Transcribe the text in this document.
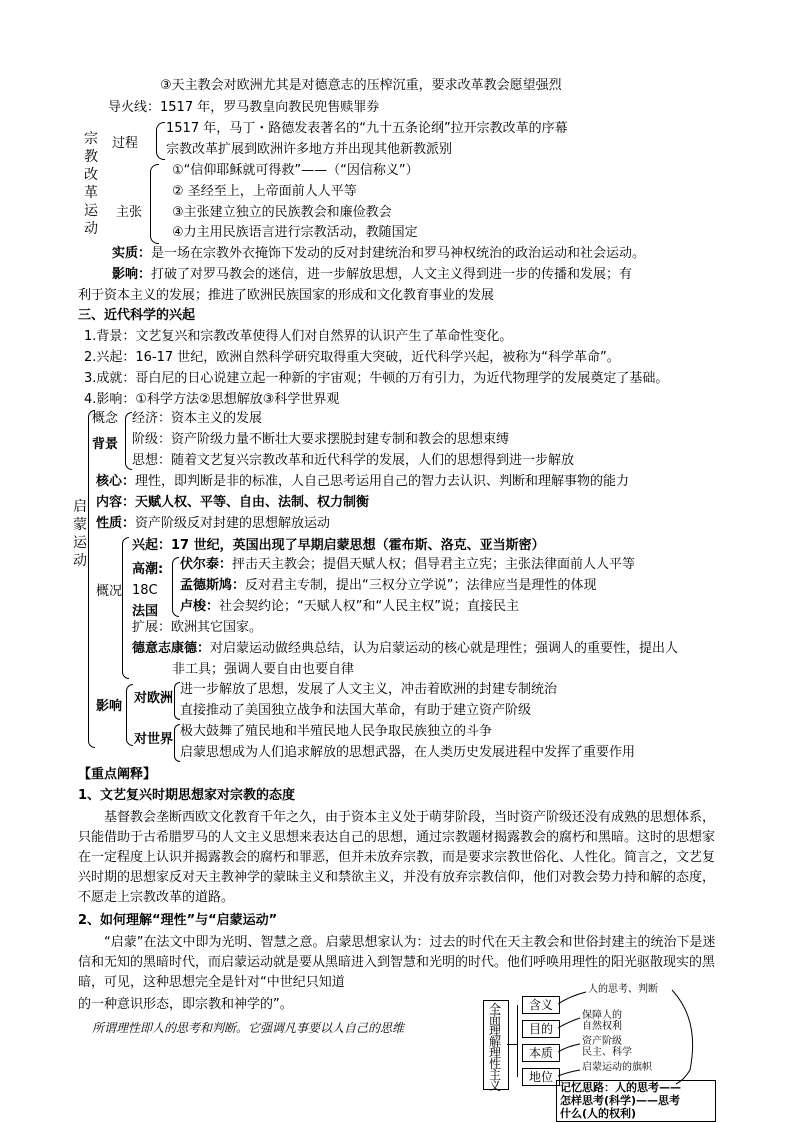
③天主教会对欧洲尤其是对德意志的压榨沉重，要求改革教会愿望强烈
导火线：1517 年，罗马教皇向教民兜售赎罪券
宗教改革运动
过程
1517 年，马丁・路德发表著名的“九十五条论纲”拉开宗教改革的序幕
宗教改革扩展到欧洲许多地方并出现其他新教派别
主张
①“信仰耶稣就可得救”——（“因信称义”）
② 圣经至上，上帝面前人人平等
③主张建立独立的民族教会和廉俭教会
④力主用民族语言进行宗教活动，教随国定
实质：是一场在宗教外衣掩饰下发动的反对封建统治和罗马神权统治的政治运动和社会运动。
影响：打破了对罗马教会的迷信，进一步解放思想，人文主义得到进一步的传播和发展；有
利于资本主义的发展；推进了欧洲民族国家的形成和文化教育事业的发展
三、近代科学的兴起
1.背景：文艺复兴和宗教改革使得人们对自然界的认识产生了革命性变化。
2.兴起：16-17 世纪，欧洲自然科学研究取得重大突破，近代科学兴起，被称为“科学革命”。
3.成就：哥白尼的日心说建立起一种新的宇宙观；牛顿的万有引力，为近代物理学的发展奠定了基础。
4.影响：①科学方法②思想解放③科学世界观
启蒙运动
概念
背景
经济：资本主义的发展
阶级：资产阶级力量不断壮大要求摆脱封建专制和教会的思想束缚
思想：随着文艺复兴宗教改革和近代科学的发展，人们的思想得到进一步解放
核心：理性，即判断是非的标准，人自己思考运用自己的智力去认识、判断和理解事物的能力
内容：天赋人权、平等、自由、法制、权力制衡
性质：资产阶级反对封建的思想解放运动
概况
兴起：17 世纪，英国出现了早期启蒙思想（霍布斯、洛克、亚当斯密）
高潮:
18C
法国
伏尔泰：抨击天主教会；提倡天赋人权；倡导君主立宪；主张法律面前人人平等
孟德斯鸠：反对君主专制，提出“三权分立学说”；法律应当是理性的体现
卢梭：社会契约论；“天赋人权”和“人民主权”说；直接民主
扩展：欧洲其它国家。
德意志康德：对启蒙运动做经典总结，认为启蒙运动的核心就是理性；强调人的重要性，提出人
非工具；强调人要自由也要自律
影响
对欧洲
进一步解放了思想，发展了人文主义，冲击着欧洲的封建专制统治
直接推动了美国独立战争和法国大革命，有助于建立资产阶级
对世界
极大鼓舞了殖民地和半殖民地人民争取民族独立的斗争
启蒙思想成为人们追求解放的思想武器，在人类历史发展进程中发挥了重要作用
【重点阐释】
1、文艺复兴时期思想家对宗教的态度
基督教会垄断西欧文化教育千年之久，由于资本主义处于萌芽阶段，当时资产阶级还没有成熟的思想体系，只能借助于古希腊罗马的人文主义思想来表达自己的思想，通过宗教题材揭露教会的腐朽和黑暗。这时的思想家在一定程度上认识并揭露教会的腐朽和罪恶，但并未放弃宗教，而是要求宗教世俗化、人性化。简言之，文艺复兴时期的思想家反对天主教神学的蒙昧主义和禁欲主义，并没有放弃宗教信仰，他们对教会势力持和解的态度，不愿走上宗教改革的道路。
2、如何理解“理性”与“启蒙运动”
“启蒙”在法文中即为光明、智慧之意。启蒙思想家认为：过去的时代在天主教会和世俗封建主的统治下是迷信和无知的黑暗时代，而启蒙运动就是要从黑暗进入到智慧和光明的时代。他们呼唤用理性的阳光驱散现实的黑暗，可见，这种思想完全是针对“中世纪只知道
的一种意识形态，即宗教和神学的”。
所谓理性即人的思考和判断。它强调凡事要以人自己的思维
全面理解理性主义
含义
目的
本质
地位
人的思考、判断
保障人的
自然权利
资产阶级
民主、科学
启蒙运动的旗帜
记忆思路：人的思考——
怎样思考(科学)——思考
什么(人的权利)
